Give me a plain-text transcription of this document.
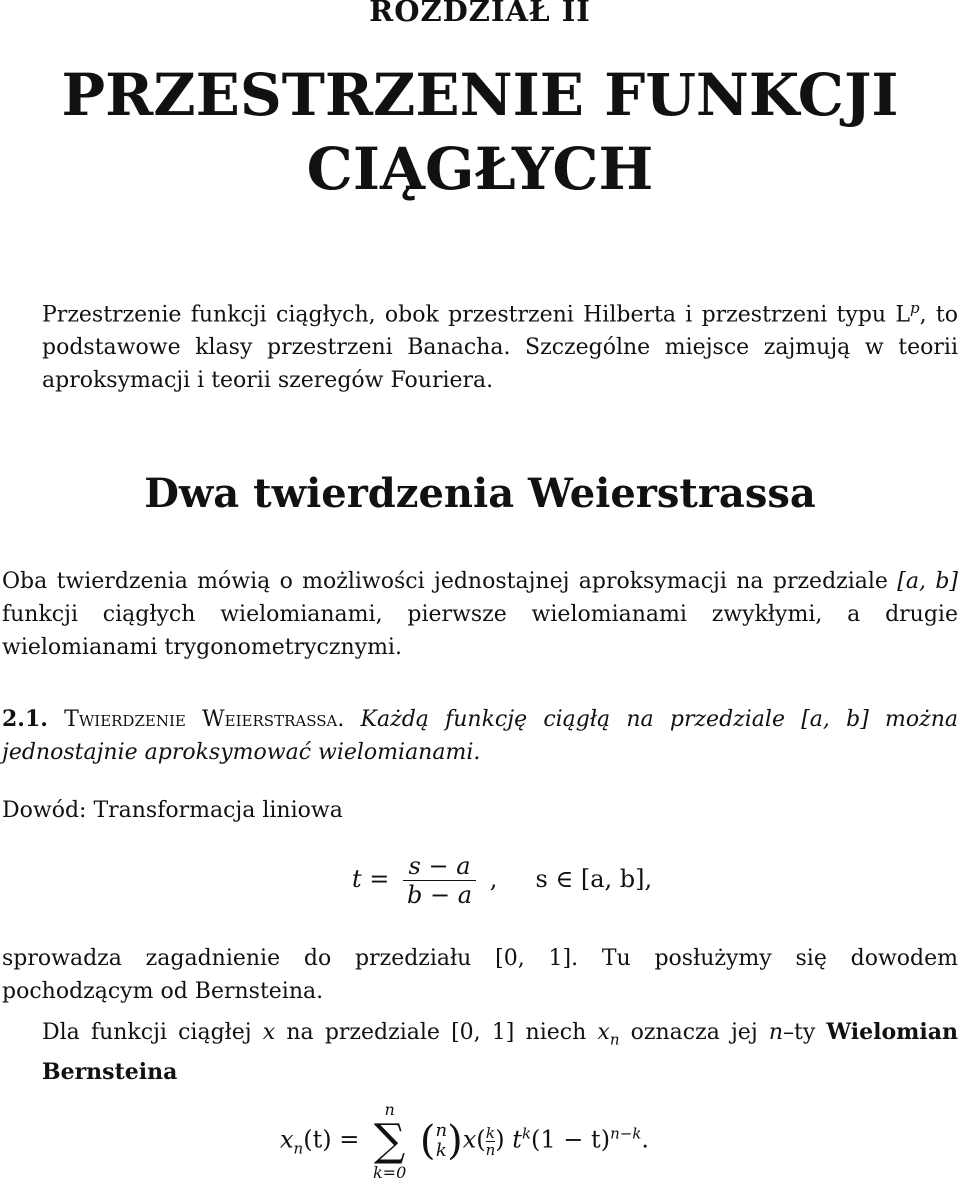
ROZDZIAŁ II
PRZESTRZENIE FUNKCJI
CIĄGŁYCH
Przestrzenie funkcji ciągłych, obok przestrzeni Hilberta i przestrzeni typu $L^p$, to podstawowe klasy przestrzeni Banacha. Szczególne miejsce zajmują w teorii aproksymacji i teorii szeregów Fouriera.
Dwa twierdzenia Weierstrassa
Oba twierdzenia mówią o możliwości jednostajnej aproksymacji na przedziale [a, b] funkcji ciągłych wielomianami, pierwsze wielomianami zwykłymi, a drugie wielomianami trygonometrycznymi.
2.1. Twierdzenie Weierstrassa. Każdą funkcję ciągłą na przedziale [a, b] można jednostajnie aproksymować wielomianami.
Dowód: Transformacja liniowa
$t = \frac{s - a}{b - a}$ ,     s ∈ [a, b],
sprowadza zagadnienie do przedziału [0, 1]. Tu posłużymy się dowodem pochodzącym od Bernsteina.
Dla funkcji ciągłej x na przedziale [0, 1] niech $x_n$ oznacza jej n–ty Wielomian Bernsteina
$x_n(t)$ =
n
∑
k=0
( n
k )$x( \frac{k}{n}$ ) $t^k(1 - t)^{n-k}$.
